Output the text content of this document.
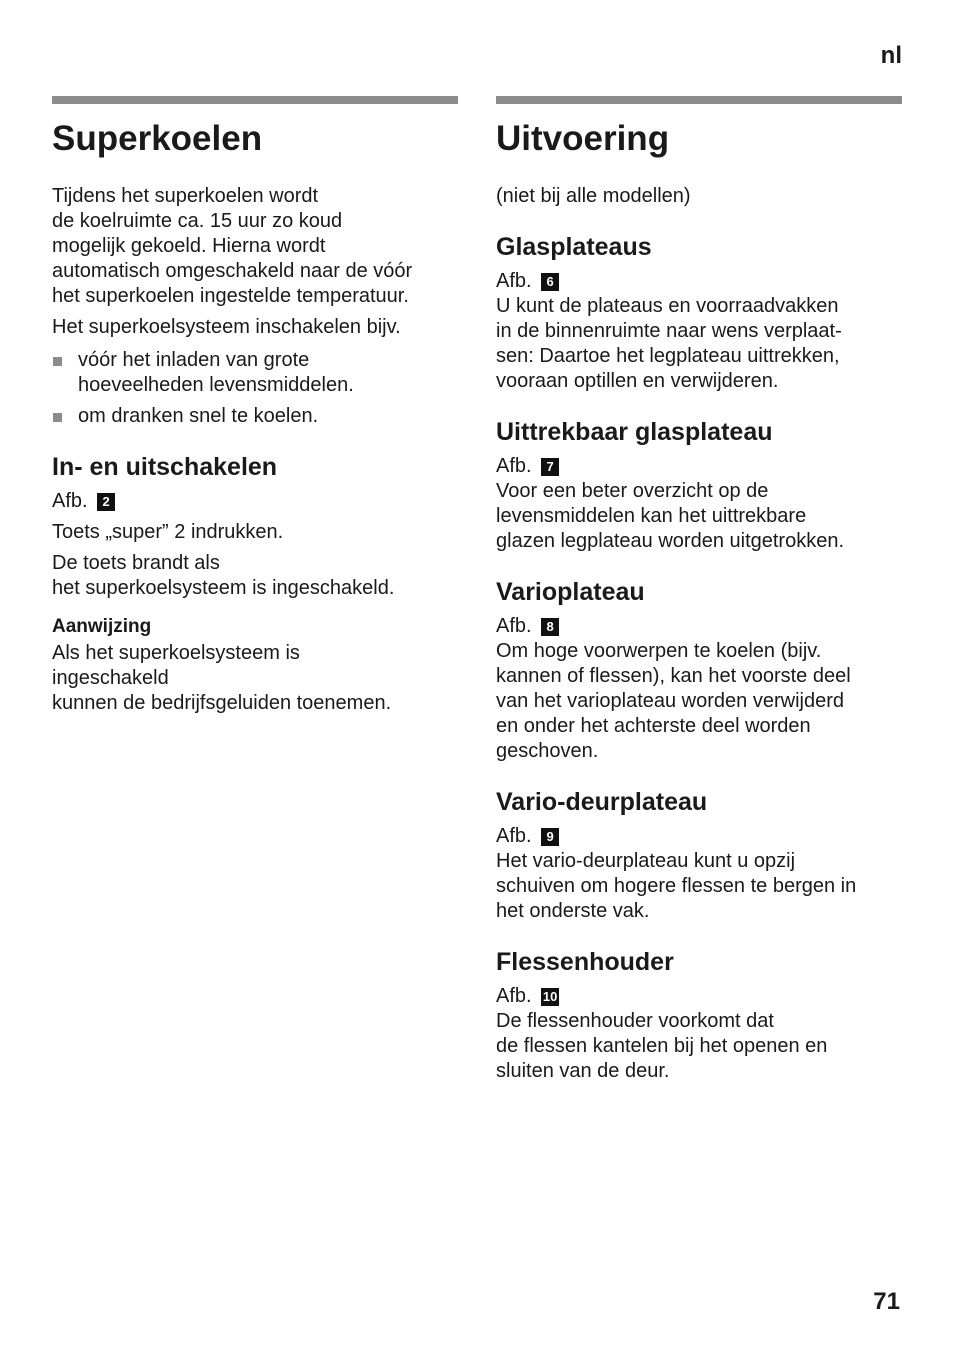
nl
Superkoelen
Tijdens het superkoelen wordt
de koelruimte ca. 15 uur zo koud
mogelijk gekoeld. Hierna wordt
automatisch omgeschakeld naar de vóór
het superkoelen ingestelde temperatuur.

Het superkoelsysteem inschakelen bijv.

vóór het inladen van grote
hoeveelheden levensmiddelen.
om dranken snel te koelen.
In- en uitschakelen

Afb. 2

Toets „super” 2 indrukken.

De toets brandt als
het superkoelsysteem is ingeschakeld.
Aanwijzing
Als het superkoelsysteem is
ingeschakeld
kunnen de bedrijfsgeluiden toenemen.
Uitvoering

(niet bij alle modellen)

Glasplateaus

Afb. 6

U kunt de plateaus en voorraadvakken
in de binnenruimte naar wens verplaat-
sen: Daartoe het legplateau uittrekken,
vooraan optillen en verwijderen.
Uittrekbaar glasplateau

Afb. 7

Voor een beter overzicht op de
levensmiddelen kan het uittrekbare
glazen legplateau worden uitgetrokken.
Varioplateau

Afb. 8

Om hoge voorwerpen te koelen (bijv.
kannen of flessen), kan het voorste deel
van het varioplateau worden verwijderd
en onder het achterste deel worden
geschoven.
Vario-deurplateau

Afb. 9

Het vario-deurplateau kunt u opzij
schuiven om hogere flessen te bergen in
het onderste vak.
Flessenhouder

Afb. 10

De flessenhouder voorkomt dat
de flessen kantelen bij het openen en
sluiten van de deur.
71
